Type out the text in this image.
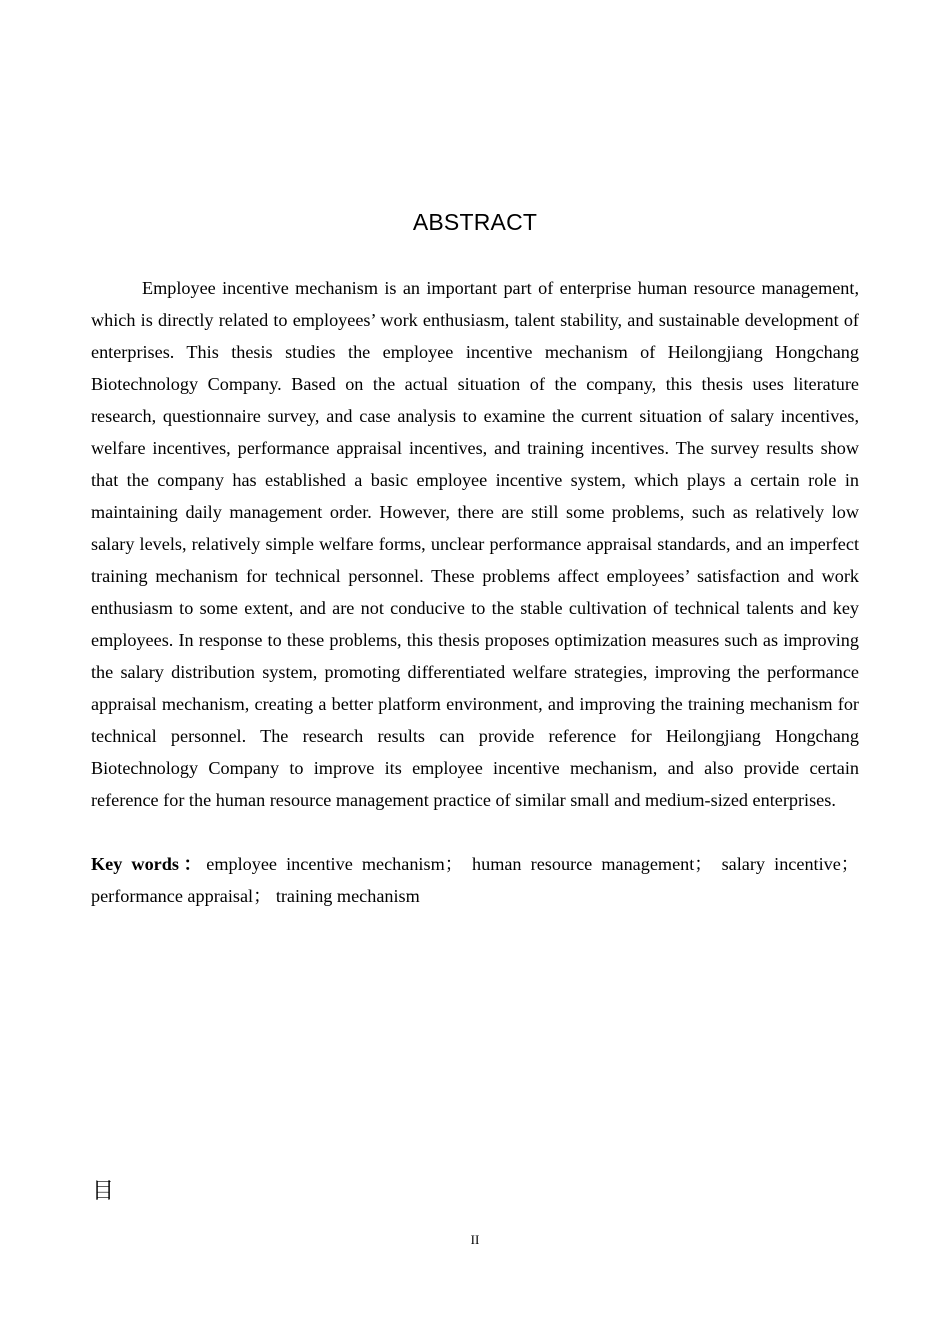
ABSTRACT

Employee incentive mechanism is an important part of enterprise human resource management, which is directly related to employees’ work enthusiasm, talent stability, and sustainable development of enterprises. This thesis studies the employee incentive mechanism of Heilongjiang Hongchang Biotechnology Company. Based on the actual situation of the company, this thesis uses literature research, questionnaire survey, and case analysis to examine the current situation of salary incentives, welfare incentives, performance appraisal incentives, and training incentives. The survey results show that the company has established a basic employee incentive system, which plays a certain role in maintaining daily management order. However, there are still some problems, such as relatively low salary levels, relatively simple welfare forms, unclear performance appraisal standards, and an imperfect training mechanism for technical personnel. These problems affect employees’ satisfaction and work enthusiasm to some extent, and are not conducive to the stable cultivation of technical talents and key employees. In response to these problems, this thesis proposes optimization measures such as improving the salary distribution system, promoting differentiated welfare strategies, improving the performance appraisal mechanism, creating a better platform environment, and improving the training mechanism for technical personnel. The research results can provide reference for Heilongjiang Hongchang Biotechnology Company to improve its employee incentive mechanism, and also provide certain reference for the human resource management practice of similar small and medium-sized enterprises.

Key words：employee incentive mechanism； human resource management； salary incentive； performance appraisal； training mechanism

目
II
